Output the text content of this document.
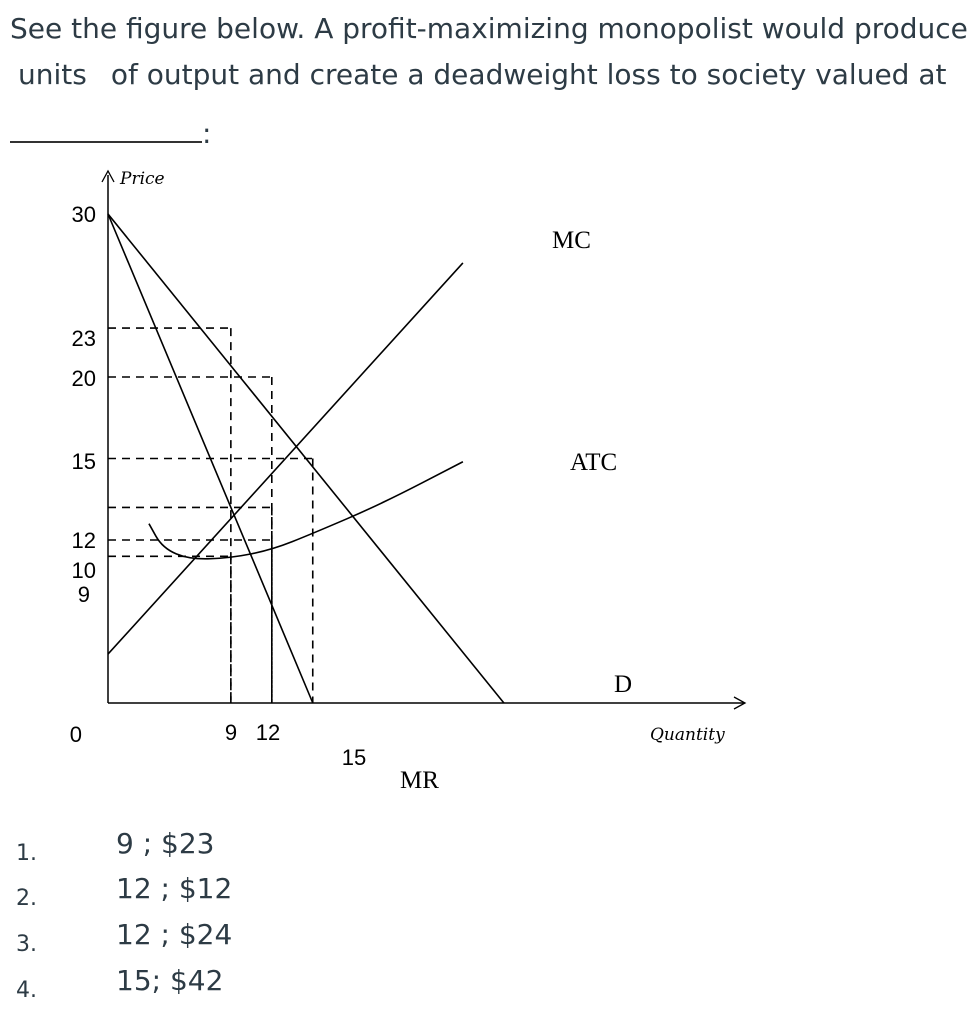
See the figure below. A profit-maximizing monopolist would produce
units of output and create a deadweight loss to society valued at
:
Price
Quantity
30
23
20
15
12
10
9
0	9 12
15
MC
ATC
D
MR
1.	9 ; $23
2.	12 ; $12
3.	12 ; $24
4.	15; $42
